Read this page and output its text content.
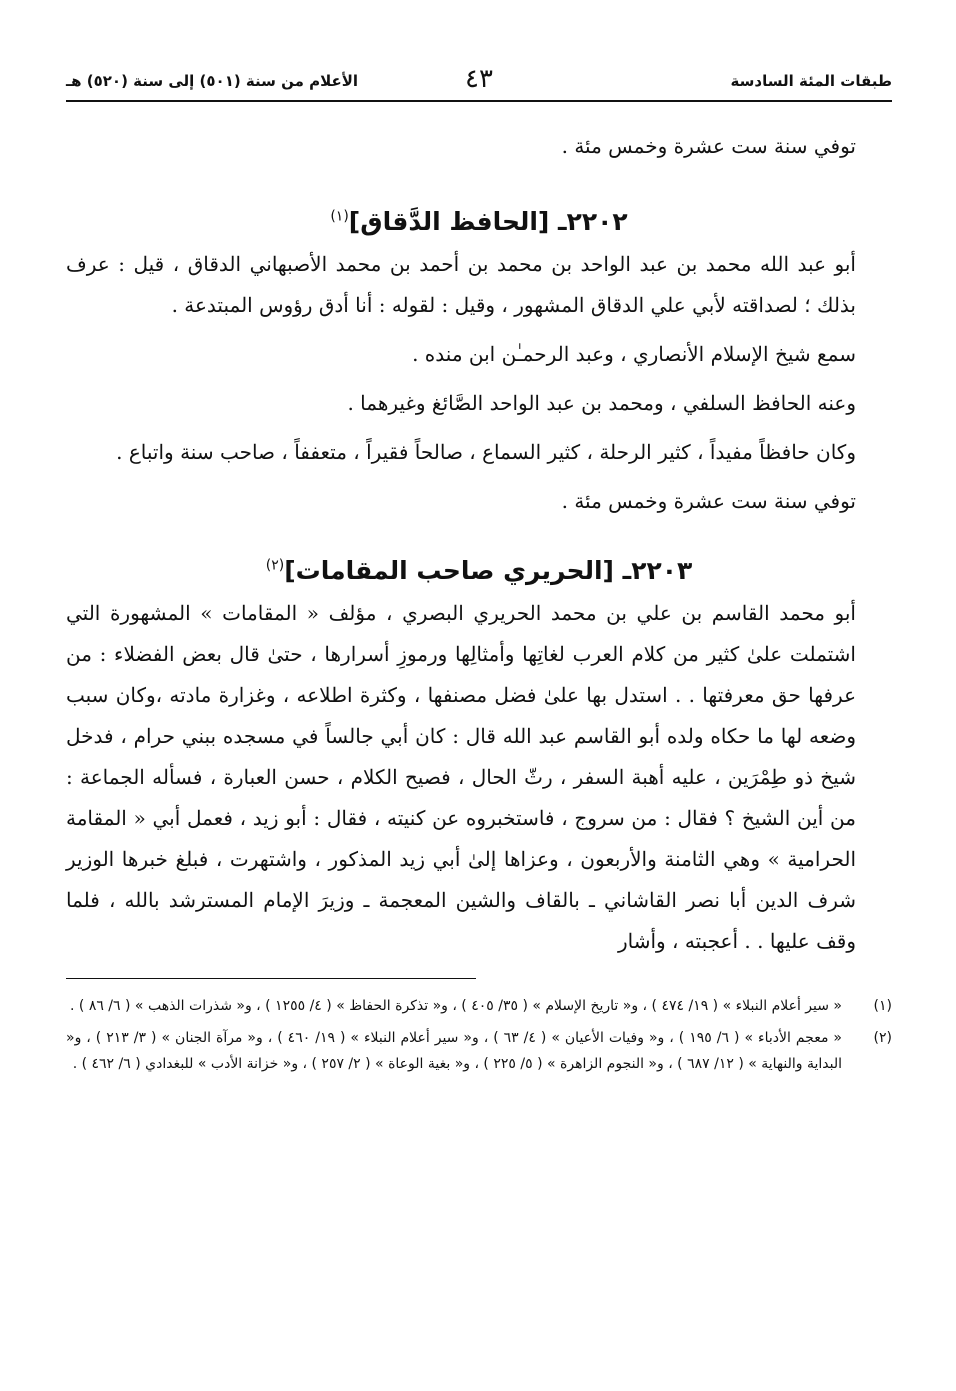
طبقات المئة السادسة
٤٣
الأعلام من سنة (٥٠١) إلى سنة (٥٢٠) هـ

توفي سنة ست عشرة وخمس مئة .

٢٢٠٢ـ [الحافظ الدَّقاق]$^{(١)}$

أبو عبد الله محمد بن عبد الواحد بن محمد بن أحمد بن محمد الأصبهاني الدقاق ، قيل : عرف بذلك ؛ لصداقته لأبي علي الدقاق المشهور ، وقيل : لقوله : أنا أدق رؤوس المبتدعة .

سمع شيخ الإسلام الأنصاري ، وعبد الرحمـٰن ابن منده .

وعنه الحافظ السلفي ، ومحمد بن عبد الواحد الصَّائغ وغيرهما .

وكان حافظاً مفيداً ، كثير الرحلة ، كثير السماع ، صالحاً فقيراً ، متعففاً ، صاحب سنة واتباع .

توفي سنة ست عشرة وخمس مئة .

٢٢٠٣ـ [الحريري صاحب المقامات]$^{(٢)}$

أبو محمد القاسم بن علي بن محمد الحريري البصري ، مؤلف « المقامات » المشهورة التي اشتملت علىٰ كثير من كلام العرب لغاتِها وأمثالِها ورموزِ أسرارها ، حتىٰ قال بعض الفضلاء : من عرفها حق معرفتها . . استدل بها علىٰ فضل مصنفها ، وكثرة اطلاعه ، وغزارة مادته ،وكان سبب وضعه لها ما حكاه ولده أبو القاسم عبد الله قال : كان أبي جالساً في مسجده ببني حرام ، فدخل شيخ ذو طِمْرَين ، عليه أهبة السفر ، رثّ الحال ، فصيح الكلام ، حسن العبارة ، فسأله الجماعة : من أين الشيخ ؟ فقال : من سروج ، فاستخبروه عن كنيته ، فقال : أبو زيد ، فعمل أبي « المقامة الحرامية » وهي الثامنة والأربعون ، وعزاها إلىٰ أبي زيد المذكور ، واشتهرت ، فبلغ خبرها الوزير شرف الدين أبا نصر القاشاني ـ بالقاف والشين المعجمة ـ وزيرَ الإمام المسترشد بالله ، فلما وقف عليها . . أعجبته ، وأشار

(١)
« سير أعلام النبلاء » ( ١٩/ ٤٧٤ ) ، و« تاريخ الإسلام » ( ٣٥/ ٤٠٥ ) ، و« تذكرة الحفاظ » ( ٤/ ١٢٥٥ ) ، و« شذرات الذهب » ( ٦/ ٨٦ ) .
(٢)
« معجم الأدباء » ( ٦/ ١٩٥ ) ، و« وفيات الأعيان » ( ٤/ ٦٣ ) ، و« سير أعلام النبلاء » ( ١٩/ ٤٦٠ ) ، و« مرآة الجنان » ( ٣/ ٢١٣ ) ، و« البداية والنهاية » ( ١٢/ ٦٨٧ ) ، و« النجوم الزاهرة » ( ٥/ ٢٢٥ ) ، و« بغية الوعاة » ( ٢/ ٢٥٧ ) ، و« خزانة الأدب » للبغدادي ( ٦/ ٤٦٢ ) .
